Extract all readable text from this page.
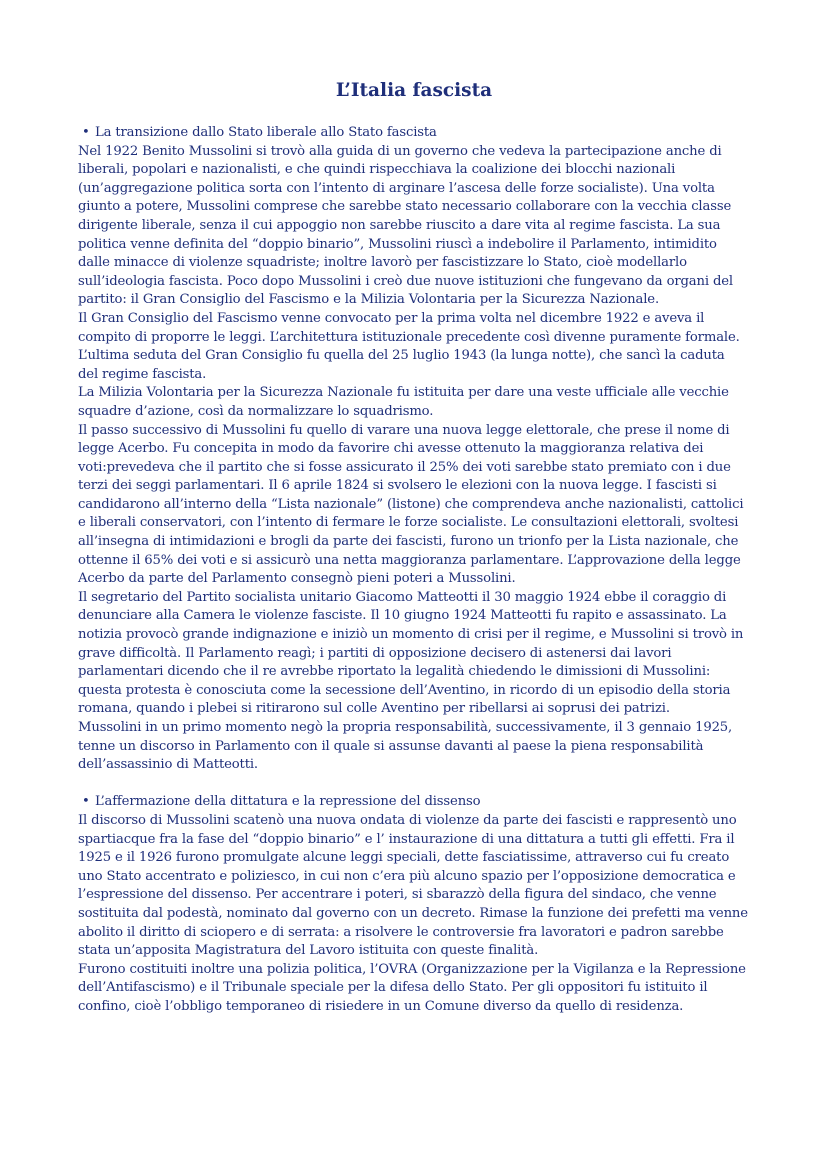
L’Italia fascista
• La transizione dallo Stato liberale allo Stato fascista

Nel 1922 Benito Mussolini si trovò alla guida di un governo che vedeva la partecipazione anche di liberali, popolari e nazionalisti, e che quindi rispecchiava la coalizione dei blocchi nazionali (un’aggregazione politica sorta con l’intento di arginare l’ascesa delle forze socialiste). Una volta giunto a potere, Mussolini comprese che sarebbe stato necessario collaborare con la vecchia classe dirigente liberale, senza il cui appoggio non sarebbe riuscito a dare vita al regime fascista. La sua politica venne definita del “doppio binario”, Mussolini riuscì a indebolire il Parlamento, intimidito dalle minacce di violenze squadriste; inoltre lavorò per fascistizzare lo Stato, cioè modellarlo sull’ideologia fascista. Poco dopo Mussolini i creò due nuove istituzioni che fungevano da organi del partito: il Gran Consiglio del Fascismo e la Milizia Volontaria per la Sicurezza Nazionale.

Il Gran Consiglio del Fascismo venne convocato per la prima volta nel dicembre 1922 e aveva il compito di proporre le leggi. L’architettura istituzionale precedente così divenne puramente formale. L’ultima seduta del Gran Consiglio fu quella del 25 luglio 1943 (la lunga notte), che sancì la caduta del regime fascista.

La Milizia Volontaria per la Sicurezza Nazionale fu istituita per dare una veste ufficiale alle vecchie squadre d’azione, così da normalizzare lo squadrismo.

Il passo successivo di Mussolini fu quello di varare una nuova legge elettorale, che prese il nome di legge Acerbo. Fu concepita in modo da favorire chi avesse ottenuto la maggioranza relativa dei voti:prevedeva che il partito che si fosse assicurato il 25% dei voti sarebbe stato premiato con i due terzi dei seggi parlamentari. Il 6 aprile 1824 si svolsero le elezioni con la nuova legge. I fascisti si candidarono all’interno della “Lista nazionale” (listone) che comprendeva anche nazionalisti, cattolici e liberali conservatori, con l’intento di fermare le forze socialiste. Le consultazioni elettorali, svoltesi all’insegna di intimidazioni e brogli da parte dei fascisti, furono un trionfo per la Lista nazionale, che ottenne il 65% dei voti e si assicurò una netta maggioranza parlamentare. L’approvazione della legge Acerbo da parte del Parlamento consegnò pieni poteri a Mussolini.

Il segretario del Partito socialista unitario Giacomo Matteotti il 30 maggio 1924 ebbe il coraggio di denunciare alla Camera le violenze fasciste. Il 10 giugno 1924 Matteotti fu rapito e assassinato. La notizia provocò grande indignazione e iniziò un momento di crisi per il regime, e Mussolini si trovò in grave difficoltà. Il Parlamento reagì; i partiti di opposizione decisero di astenersi dai lavori parlamentari dicendo che il re avrebbe riportato la legalità chiedendo le dimissioni di Mussolini: questa protesta è conosciuta come la secessione dell’Aventino, in ricordo di un episodio della storia romana, quando i plebei si ritirarono sul colle Aventino per ribellarsi ai soprusi dei patrizi.

Mussolini in un primo momento negò la propria responsabilità, successivamente, il 3 gennaio 1925, tenne un discorso in Parlamento con il quale si assunse davanti al paese la piena responsabilità dell’assassinio di Matteotti.

• L’affermazione della dittatura e la repressione del dissenso

Il discorso di Mussolini scatenò una nuova ondata di violenze da parte dei fascisti e rappresentò uno spartiacque fra la fase del “doppio binario” e l’ instaurazione di una dittatura a tutti gli effetti. Fra il 1925 e il 1926 furono promulgate alcune leggi speciali, dette fasciatissime, attraverso cui fu creato uno Stato accentrato e poliziesco, in cui non c’era più alcuno spazio per l’opposizione democratica e l’espressione del dissenso. Per accentrare i poteri, si sbarazzò della figura del sindaco, che venne sostituita dal podestà, nominato dal governo con un decreto. Rimase la funzione dei prefetti ma venne abolito il diritto di sciopero e di serrata: a risolvere le controversie fra lavoratori e padron sarebbe stata un’apposita Magistratura del Lavoro istituita con queste finalità.

Furono costituiti inoltre una polizia politica, l’OVRA (Organizzazione per la Vigilanza e la Repressione dell’Antifascismo) e il Tribunale speciale per la difesa dello Stato. Per gli oppositori fu istituito il confino, cioè l’obbligo temporaneo di risiedere in un Comune diverso da quello di residenza.
